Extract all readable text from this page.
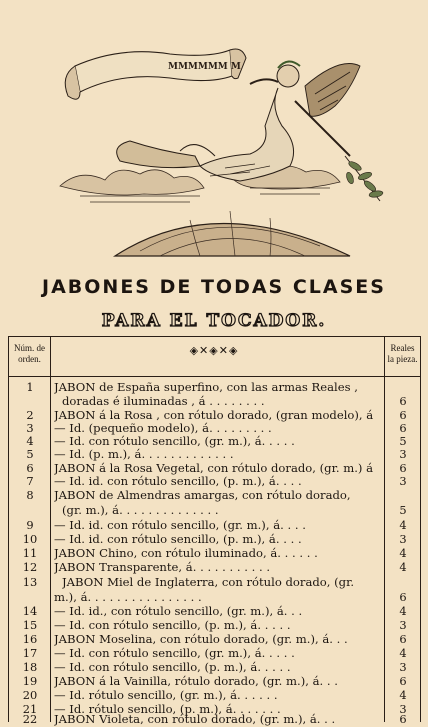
MMMMMM M
JABONES DE TODAS CLASES
PARA EL TOCADOR.
◈✕◈✕◈
Núm. de
orden.
Reales
la pieza.
1	JABON de España superfino, con las armas Reales ,
doradas é iluminadas , á . . . . . . . .	6
2	JABON á la Rosa , con rótulo dorado, (gran modelo), á	6
3	— Id. (pequeño modelo), á. . . . . . . . .	6
4	— Id. con rótulo sencillo, (gr. m.), á. . . . .	5
5	— Id. (p. m.), á. . . . . . . . . . . . .	3
6	JABON á la Rosa Vegetal, con rótulo dorado, (gr. m.) á	6
7	— Id. id. con rótulo sencillo, (p. m.), á. . . .	3
8	JABON de Almendras amargas, con rótulo dorado,
(gr. m.), á. . . . . . . . . . . . . .	5
9	— Id. id. con rótulo sencillo, (gr. m.), á. . . .	4
10	— Id. id. con rótulo sencillo, (p. m.), á. . . .	3
11	JABON Chino, con rótulo iluminado, á. . . . . .	4
12	JABON Transparente, á. . . . . . . . . . .	4
13	JABON Miel de Inglaterra, con rótulo dorado, (gr.
m.), á. . . . . . . . . . . . . . . .	6
14	— Id. id., con rótulo sencillo, (gr. m.), á. . .	4
15	— Id. con rótulo sencillo, (p. m.), á. . . . .	3
16	JABON Moselina, con rótulo dorado, (gr. m.), á. . .	6
17	— Id. con rótulo sencillo, (gr. m.), á. . . . .	4
18	— Id. con rótulo sencillo, (p. m.), á. . . . .	3
19	JABON á la Vainilla, rótulo dorado, (gr. m.), á. . .	6
20	— Id. rótulo sencillo, (gr. m.), á. . . . . .	4
21	— Id. rótulo sencillo, (p. m.), á. . . . . . .	3
22	JABON Violeta, con rótulo dorado, (gr. m.), á. . .	6
